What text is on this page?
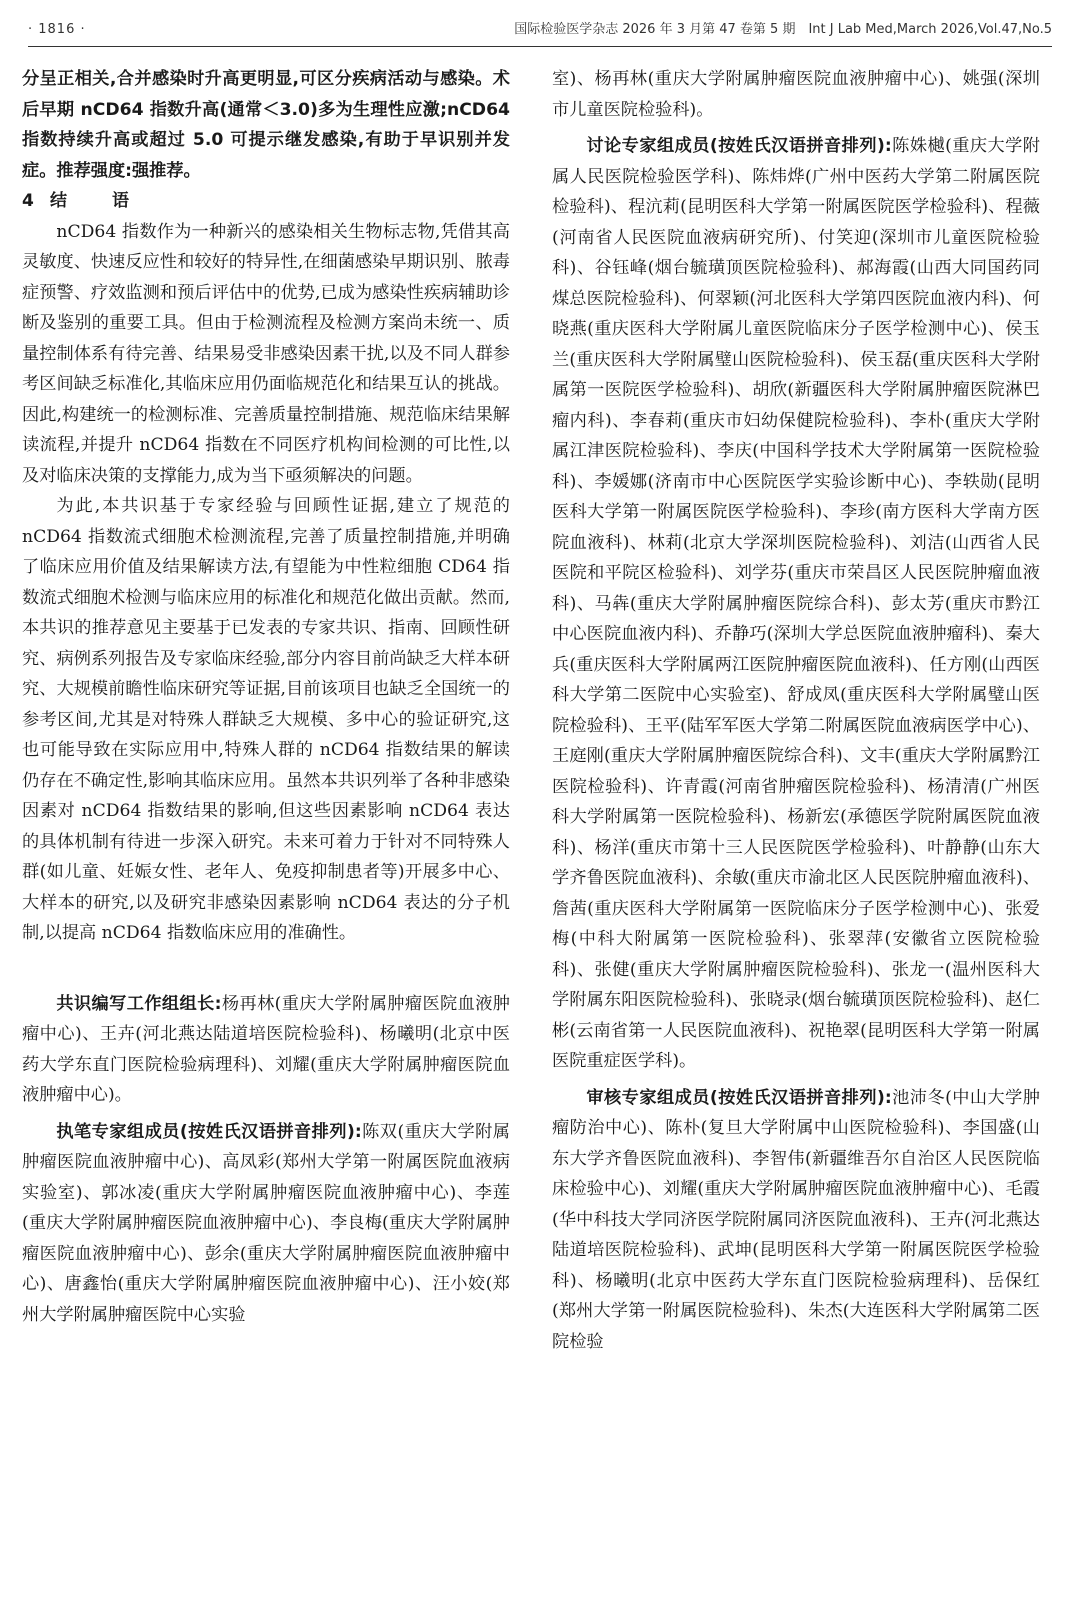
· 1816 ·	国际检验医学杂志 2026 年 3 月第 47 卷第 5 期　Int J Lab Med,March 2026,Vol.47,No.5

分呈正相关,合并感染时升高更明显,可区分疾病活动与感染。术后早期 nCD64 指数升高(通常＜3.0)多为生理性应激;nCD64 指数持续升高或超过 5.0 可提示继发感染,有助于早识别并发症。推荐强度:强推荐。

4 结　语

nCD64 指数作为一种新兴的感染相关生物标志物,凭借其高灵敏度、快速反应性和较好的特异性,在细菌感染早期识别、脓毒症预警、疗效监测和预后评估中的优势,已成为感染性疾病辅助诊断及鉴别的重要工具。但由于检测流程及检测方案尚未统一、质量控制体系有待完善、结果易受非感染因素干扰,以及不同人群参考区间缺乏标准化,其临床应用仍面临规范化和结果互认的挑战。因此,构建统一的检测标准、完善质量控制措施、规范临床结果解读流程,并提升 nCD64 指数在不同医疗机构间检测的可比性,以及对临床决策的支撑能力,成为当下亟须解决的问题。

为此,本共识基于专家经验与回顾性证据,建立了规范的 nCD64 指数流式细胞术检测流程,完善了质量控制措施,并明确了临床应用价值及结果解读方法,有望能为中性粒细胞 CD64 指数流式细胞术检测与临床应用的标准化和规范化做出贡献。然而,本共识的推荐意见主要基于已发表的专家共识、指南、回顾性研究、病例系列报告及专家临床经验,部分内容目前尚缺乏大样本研究、大规模前瞻性临床研究等证据,目前该项目也缺乏全国统一的参考区间,尤其是对特殊人群缺乏大规模、多中心的验证研究,这也可能导致在实际应用中,特殊人群的 nCD64 指数结果的解读仍存在不确定性,影响其临床应用。虽然本共识列举了各种非感染因素对 nCD64 指数结果的影响,但这些因素影响 nCD64 表达的具体机制有待进一步深入研究。未来可着力于针对不同特殊人群(如儿童、妊娠女性、老年人、免疫抑制患者等)开展多中心、大样本的研究,以及研究非感染因素影响 nCD64 表达的分子机制,以提高 nCD64 指数临床应用的准确性。

共识编写工作组组长:杨再林(重庆大学附属肿瘤医院血液肿瘤中心)、王卉(河北燕达陆道培医院检验科)、杨曦明(北京中医药大学东直门医院检验病理科)、刘耀(重庆大学附属肿瘤医院血液肿瘤中心)。

执笔专家组成员(按姓氏汉语拼音排列):陈双(重庆大学附属肿瘤医院血液肿瘤中心)、高凤彩(郑州大学第一附属医院血液病实验室)、郭冰凌(重庆大学附属肿瘤医院血液肿瘤中心)、李莲(重庆大学附属肿瘤医院血液肿瘤中心)、李良梅(重庆大学附属肿瘤医院血液肿瘤中心)、彭余(重庆大学附属肿瘤医院血液肿瘤中心)、唐鑫怡(重庆大学附属肿瘤医院血液肿瘤中心)、汪小姣(郑州大学附属肿瘤医院中心实验

室)、杨再林(重庆大学附属肿瘤医院血液肿瘤中心)、姚强(深圳市儿童医院检验科)。

讨论专家组成员(按姓氏汉语拼音排列):陈姝樾(重庆大学附属人民医院检验医学科)、陈炜烨(广州中医药大学第二附属医院检验科)、程沆莉(昆明医科大学第一附属医院医学检验科)、程薇(河南省人民医院血液病研究所)、付笑迎(深圳市儿童医院检验科)、谷钰峰(烟台毓璜顶医院检验科)、郝海霞(山西大同国药同煤总医院检验科)、何翠颖(河北医科大学第四医院血液内科)、何晓燕(重庆医科大学附属儿童医院临床分子医学检测中心)、侯玉兰(重庆医科大学附属璧山医院检验科)、侯玉磊(重庆医科大学附属第一医院医学检验科)、胡欣(新疆医科大学附属肿瘤医院淋巴瘤内科)、李春莉(重庆市妇幼保健院检验科)、李朴(重庆大学附属江津医院检验科)、李庆(中国科学技术大学附属第一医院检验科)、李媛娜(济南市中心医院医学实验诊断中心)、李轶勋(昆明医科大学第一附属医院医学检验科)、李珍(南方医科大学南方医院血液科)、林莉(北京大学深圳医院检验科)、刘洁(山西省人民医院和平院区检验科)、刘学芬(重庆市荣昌区人民医院肿瘤血液科)、马犇(重庆大学附属肿瘤医院综合科)、彭太芳(重庆市黔江中心医院血液内科)、乔静巧(深圳大学总医院血液肿瘤科)、秦大兵(重庆医科大学附属两江医院肿瘤医院血液科)、任方刚(山西医科大学第二医院中心实验室)、舒成凤(重庆医科大学附属璧山医院检验科)、王平(陆军军医大学第二附属医院血液病医学中心)、王庭刚(重庆大学附属肿瘤医院综合科)、文丰(重庆大学附属黔江医院检验科)、许青霞(河南省肿瘤医院检验科)、杨清清(广州医科大学附属第一医院检验科)、杨新宏(承德医学院附属医院血液科)、杨洋(重庆市第十三人民医院医学检验科)、叶静静(山东大学齐鲁医院血液科)、余敏(重庆市渝北区人民医院肿瘤血液科)、詹茜(重庆医科大学附属第一医院临床分子医学检测中心)、张爱梅(中科大附属第一医院检验科)、张翠萍(安徽省立医院检验科)、张健(重庆大学附属肿瘤医院检验科)、张龙一(温州医科大学附属东阳医院检验科)、张晓录(烟台毓璜顶医院检验科)、赵仁彬(云南省第一人民医院血液科)、祝艳翠(昆明医科大学第一附属医院重症医学科)。

审核专家组成员(按姓氏汉语拼音排列):池沛冬(中山大学肿瘤防治中心)、陈朴(复旦大学附属中山医院检验科)、李国盛(山东大学齐鲁医院血液科)、李智伟(新疆维吾尔自治区人民医院临床检验中心)、刘耀(重庆大学附属肿瘤医院血液肿瘤中心)、毛霞(华中科技大学同济医学院附属同济医院血液科)、王卉(河北燕达陆道培医院检验科)、武坤(昆明医科大学第一附属医院医学检验科)、杨曦明(北京中医药大学东直门医院检验病理科)、岳保红(郑州大学第一附属医院检验科)、朱杰(大连医科大学附属第二医院检验
